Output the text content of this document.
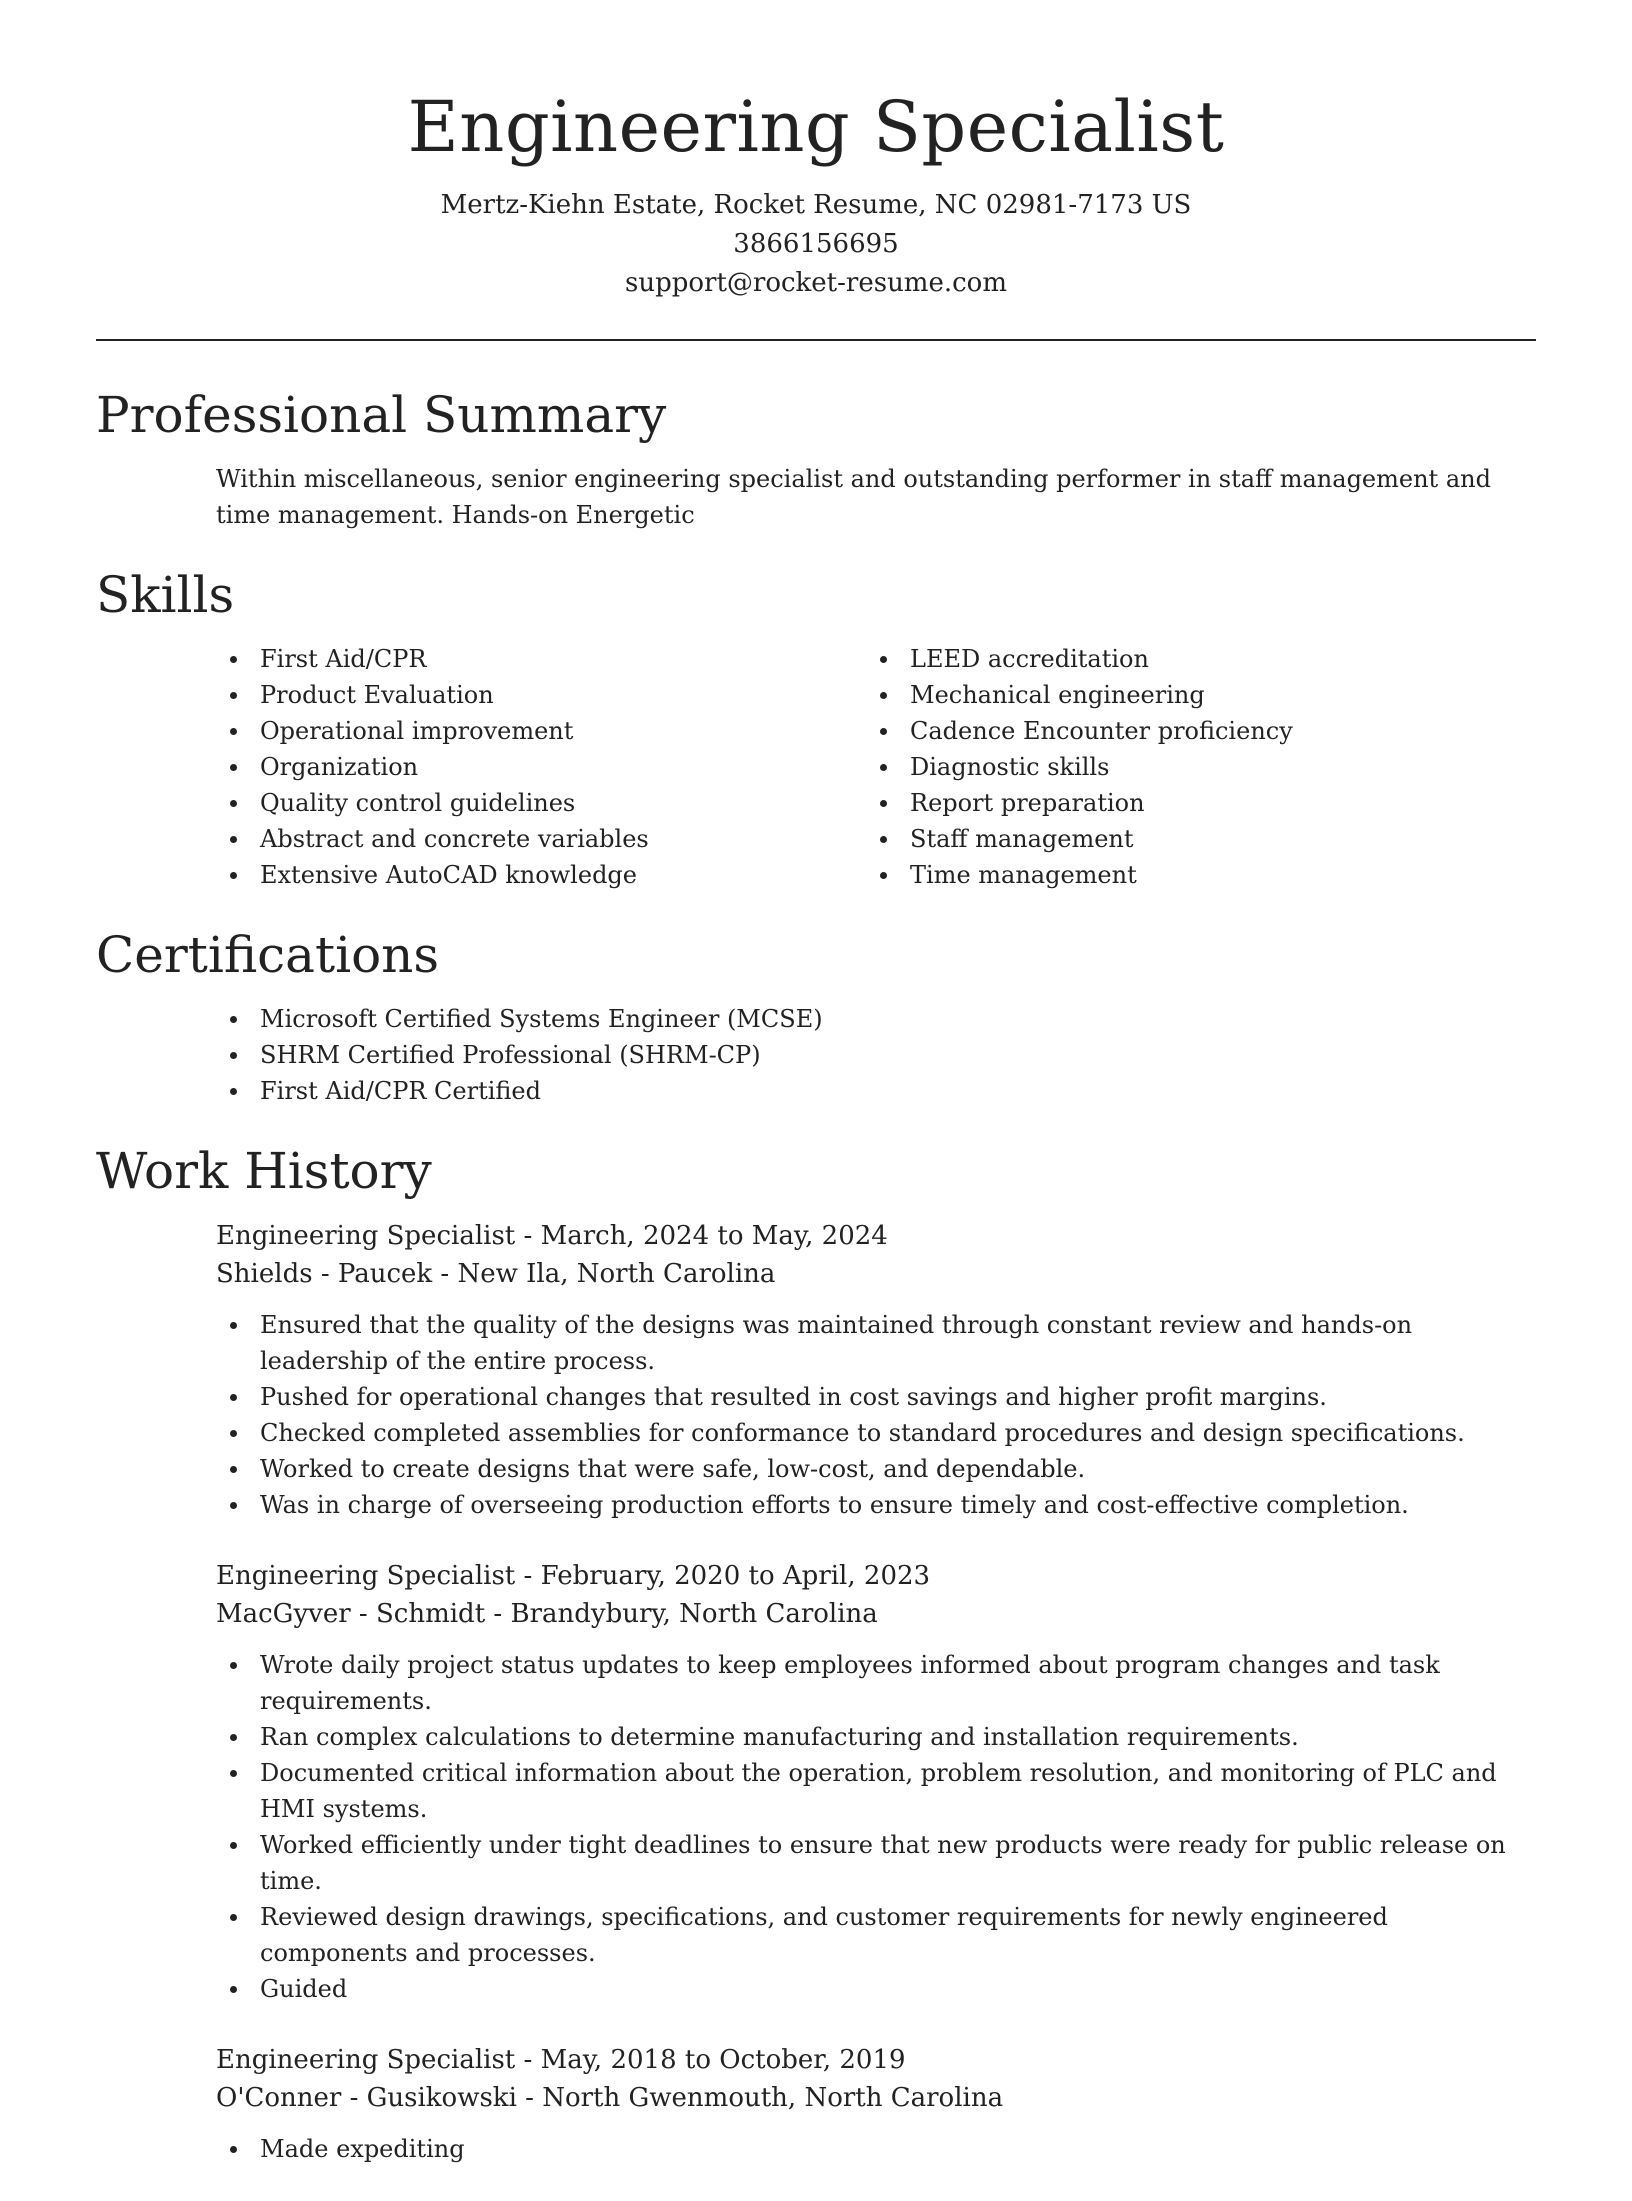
Engineering Specialist

Mertz-Kiehn Estate, Rocket Resume, NC 02981-7173 US

3866156695

support@rocket-resume.com

Professional Summary

Within miscellaneous, senior engineering specialist and outstanding performer in staff management and time management. Hands-on Energetic

Skills
First Aid/CPR
Product Evaluation
Operational improvement
Organization
Quality control guidelines
Abstract and concrete variables
Extensive AutoCAD knowledge
LEED accreditation
Mechanical engineering
Cadence Encounter proficiency
Diagnostic skills
Report preparation
Staff management
Time management
Certifications
Microsoft Certified Systems Engineer (MCSE)
SHRM Certified Professional (SHRM-CP)
First Aid/CPR Certified
Work History

Engineering Specialist - March, 2024 to May, 2024

Shields - Paucek - New Ila, North Carolina

Ensured that the quality of the designs was maintained through constant review and hands-on leadership of the entire process.
Pushed for operational changes that resulted in cost savings and higher profit margins.
Checked completed assemblies for conformance to standard procedures and design specifications.
Worked to create designs that were safe, low-cost, and dependable.
Was in charge of overseeing production efforts to ensure timely and cost-effective completion.

Engineering Specialist - February, 2020 to April, 2023

MacGyver - Schmidt - Brandybury, North Carolina

Wrote daily project status updates to keep employees informed about program changes and task requirements.
Ran complex calculations to determine manufacturing and installation requirements.
Documented critical information about the operation, problem resolution, and monitoring of PLC and HMI systems.
Worked efficiently under tight deadlines to ensure that new products were ready for public release on time.
Reviewed design drawings, specifications, and customer requirements for newly engineered components and processes.
Guided

Engineering Specialist - May, 2018 to October, 2019

O'Conner - Gusikowski - North Gwenmouth, North Carolina

Made expediting
